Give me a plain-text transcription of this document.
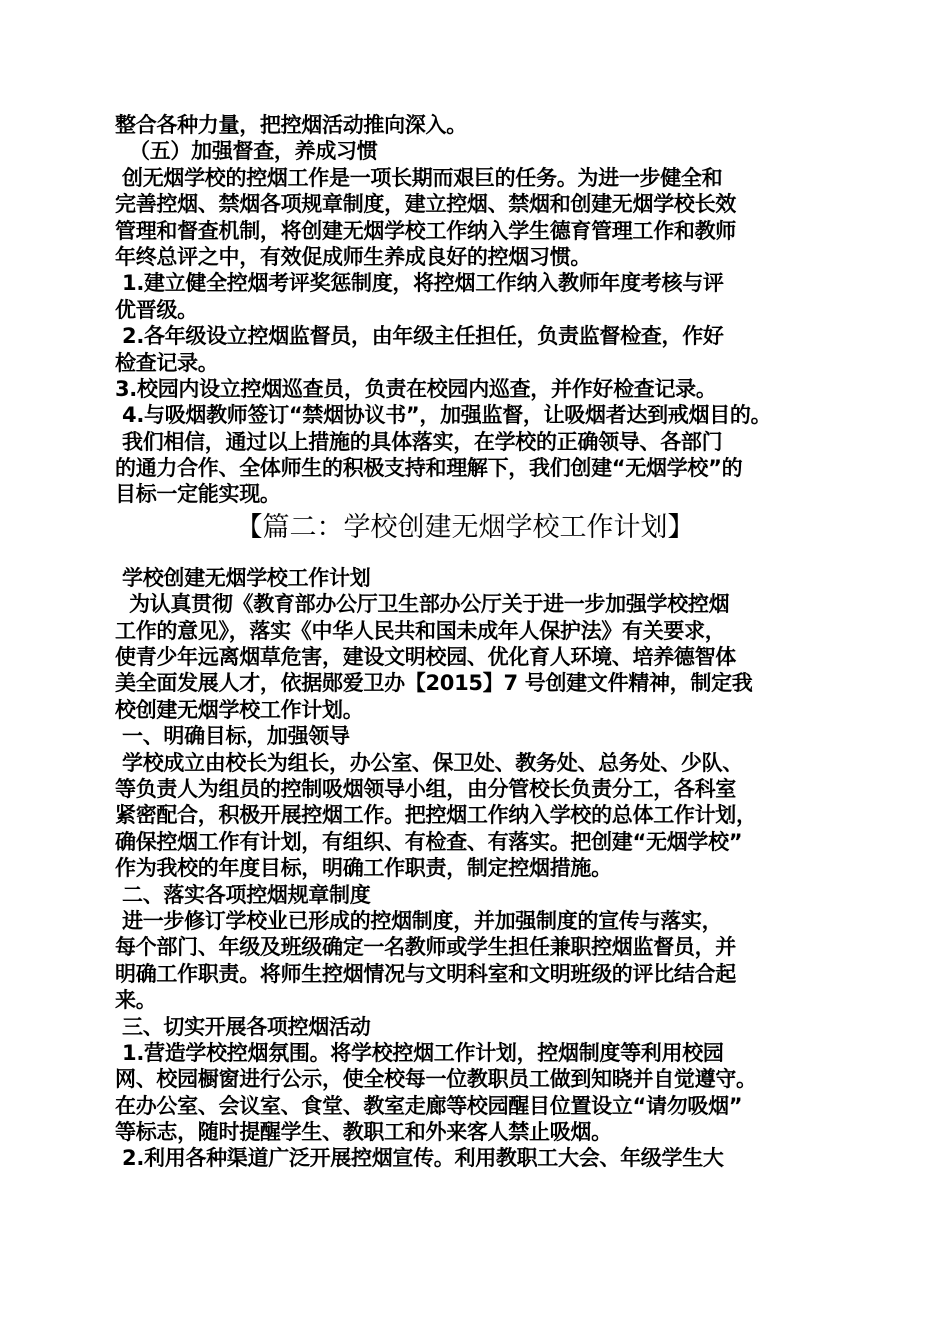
整合各种力量，把控烟活动推向深入。
（五）加强督查，养成习惯
创无烟学校的控烟工作是一项长期而艰巨的任务。为进一步健全和
完善控烟、禁烟各项规章制度，建立控烟、禁烟和创建无烟学校长效
管理和督查机制，将创建无烟学校工作纳入学生德育管理工作和教师
年终总评之中，有效促成师生养成良好的控烟习惯。
1.建立健全控烟考评奖惩制度，将控烟工作纳入教师年度考核与评
优晋级。
2.各年级设立控烟监督员，由年级主任担任，负责监督检查，作好
检查记录。
3.校园内设立控烟巡查员，负责在校园内巡查，并作好检查记录。
4.与吸烟教师签订“禁烟协议书”，加强监督，让吸烟者达到戒烟目的。
我们相信，通过以上措施的具体落实，在学校的正确领导、各部门
的通力合作、全体师生的积极支持和理解下，我们创建“无烟学校”的
目标一定能实现。
【篇二：学校创建无烟学校工作计划】
学校创建无烟学校工作计划
为认真贯彻《教育部办公厅卫生部办公厅关于进一步加强学校控烟
工作的意见》，落实《中华人民共和国未成年人保护法》有关要求，
使青少年远离烟草危害，建设文明校园、优化育人环境、培养德智体
美全面发展人才，依据郧爱卫办【2015】7 号创建文件精神，制定我
校创建无烟学校工作计划。
一、明确目标，加强领导
学校成立由校长为组长，办公室、保卫处、教务处、总务处、少队、
等负责人为组员的控制吸烟领导小组，由分管校长负责分工，各科室
紧密配合，积极开展控烟工作。把控烟工作纳入学校的总体工作计划，
确保控烟工作有计划，有组织、有检查、有落实。把创建“无烟学校”
作为我校的年度目标，明确工作职责，制定控烟措施。
二、落实各项控烟规章制度
进一步修订学校业已形成的控烟制度，并加强制度的宣传与落实，
每个部门、年级及班级确定一名教师或学生担任兼职控烟监督员，并
明确工作职责。将师生控烟情况与文明科室和文明班级的评比结合起
来。
三、切实开展各项控烟活动
1.营造学校控烟氛围。将学校控烟工作计划，控烟制度等利用校园
网、校园橱窗进行公示，使全校每一位教职员工做到知晓并自觉遵守。
在办公室、会议室、食堂、教室走廊等校园醒目位置设立“请勿吸烟”
等标志，随时提醒学生、教职工和外来客人禁止吸烟。
2.利用各种渠道广泛开展控烟宣传。利用教职工大会、年级学生大
